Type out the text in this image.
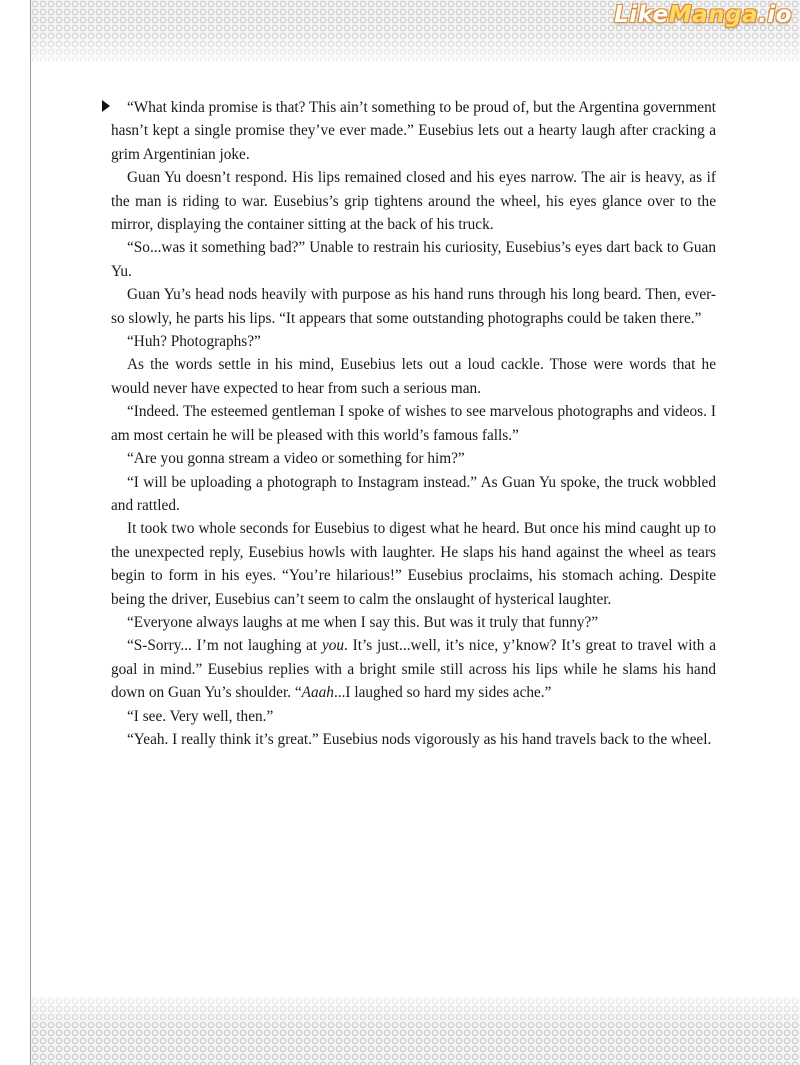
LikeManga.io

“What kinda promise is that? This ain’t something to be proud of, but the Argentina government hasn’t kept a single promise they’ve ever made.” Eusebius lets out a hearty laugh after cracking a grim Argentinian joke.

Guan Yu doesn’t respond. His lips remained closed and his eyes narrow. The air is heavy, as if the man is riding to war. Eusebius’s grip tightens around the wheel, his eyes glance over to the mirror, displaying the container sitting at the back of his truck.

“So...was it something bad?” Unable to restrain his curiosity, Eusebius’s eyes dart back to Guan Yu.

Guan Yu’s head nods heavily with purpose as his hand runs through his long beard. Then, ever-so slowly, he parts his lips. “It appears that some outstanding photographs could be taken there.”

“Huh? Photographs?”

As the words settle in his mind, Eusebius lets out a loud cackle. Those were words that he would never have expected to hear from such a serious man.

“Indeed. The esteemed gentleman I spoke of wishes to see marvelous photographs and videos. I am most certain he will be pleased with this world’s famous falls.”

“Are you gonna stream a video or something for him?”

“I will be uploading a photograph to Instagram instead.” As Guan Yu spoke, the truck wobbled and rattled.

It took two whole seconds for Eusebius to digest what he heard. But once his mind caught up to the unexpected reply, Eusebius howls with laughter. He slaps his hand against the wheel as tears begin to form in his eyes. “You’re hilarious!” Eusebius proclaims, his stomach aching. Despite being the driver, Eusebius can’t seem to calm the onslaught of hysterical laughter.

“Everyone always laughs at me when I say this. But was it truly that funny?”

“S-Sorry... I’m not laughing at you. It’s just...well, it’s nice, y’know? It’s great to travel with a goal in mind.” Eusebius replies with a bright smile still across his lips while he slams his hand down on Guan Yu’s shoulder. “Aaah...I laughed so hard my sides ache.”

“I see. Very well, then.”

“Yeah. I really think it’s great.” Eusebius nods vigorously as his hand travels back to the wheel.
